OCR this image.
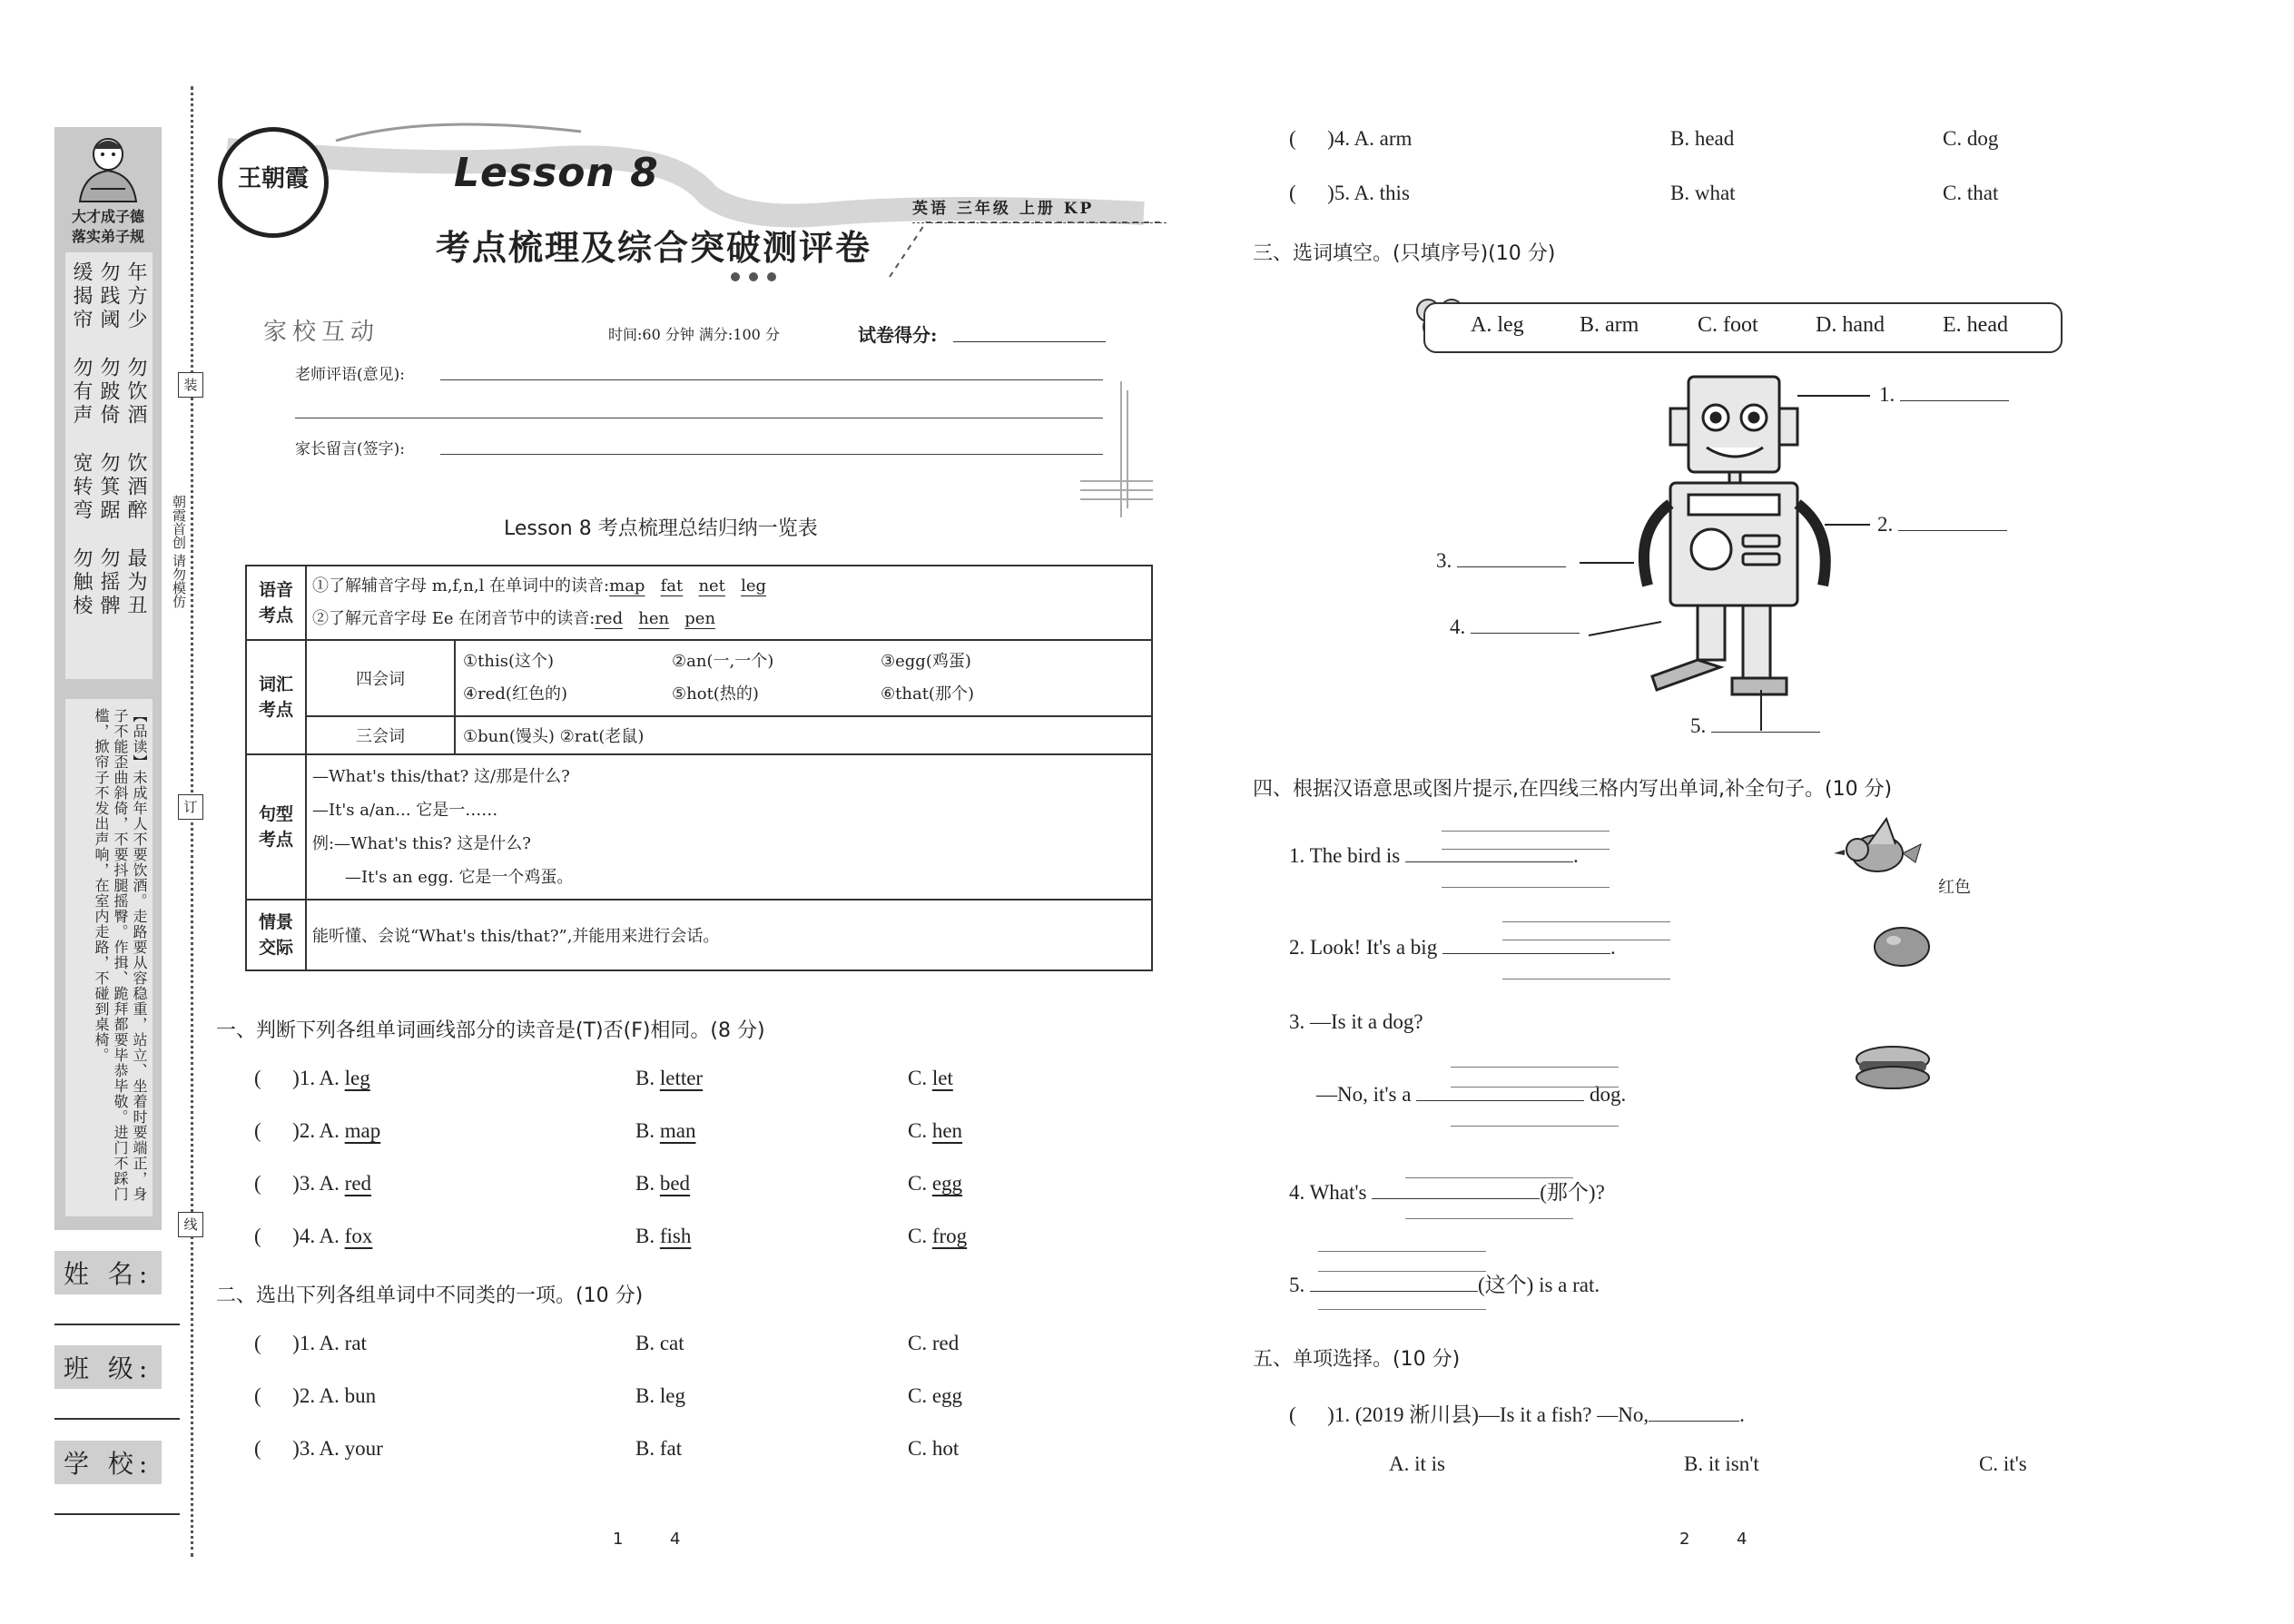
大才成子德
落实弟子规
年方少
勿饮酒
饮酒醉
最为丑
勿践阈
勿跛倚
勿箕踞
勿摇髀
缓揭帘
勿有声
宽转弯
勿触棱
【品读】未成年人不要饮酒。走路要从容稳重，站立、坐着时要端正，身子不能歪曲斜倚，不要抖腿摇臀。作揖、跪拜都要毕恭毕敬。进门不踩门槛，掀帘子不发出声响，在室内走路，不碰到桌椅。
装
订
线
朝霞首创 请勿模仿
姓 名:
班 级:
学 校:
王朝霞	Lesson 8
考点梳理及综合突破测评卷
英语 三年级 上册 KP
家校互动	时间:60 分钟 满分:100 分	试卷得分:
老师评语(意见):
家长留言(签字):
Lesson 8 考点梳理总结归纳一览表
语音考点	①了解辅音字母 m,f,n,l 在单词中的读音:map fat net leg
②了解元音字母 Ee 在闭音节中的读音:red hen pen	

词汇考点	四会词	①this(这个) ②an(一,一个) ③egg(鸡蛋)
④red(红色的) ⑤hot(热的) ⑥that(那个)

	三会词	①bun(馒头) ②rat(老鼠)

句型考点	—What's this/that? 这/那是什么?
—It's a/an... 它是一……
例:—What's this? 这是什么?
—It's an egg. 它是一个鸡蛋。	

情景交际	能听懂、会说“What's this/that?”,并能用来进行会话。	
一、判断下列各组单词画线部分的读音是(T)否(F)相同。(8 分)
(      )1. A. leg	B. letter	C. let
(      )2. A. map	B. man	C. hen
(      )3. A. red	B. bed	C. egg
(      )4. A. fox	B. fish	C. frog
二、选出下列各组单词中不同类的一项。(10 分)
(      )1. A. rat	B. cat	C. red
(      )2. A. bun	B. leg	C. egg
(      )3. A. your	B. fat	C. hot
1	4
(      )4. A. arm	B. head	C. dog
(      )5. A. this	B. what	C. that
三、选词填空。(只填序号)(10 分)
A. leg	B. arm	C. foot	D. hand	E. head
1.
2.
3.
4.
5.
四、根据汉语意思或图片提示,在四线三格内写出单词,补全句子。(10 分)
1. The bird is	.
红色
2. Look! It's a big	.
3. —Is it a dog?
—No, it's a	dog.
4. What's	(那个)?
5.	(这个) is a rat.
五、单项选择。(10 分)
(      )1. (2019 淅川县)—Is it a fish? —No,	.
A. it is	B. it isn't	C. it's
2	4
